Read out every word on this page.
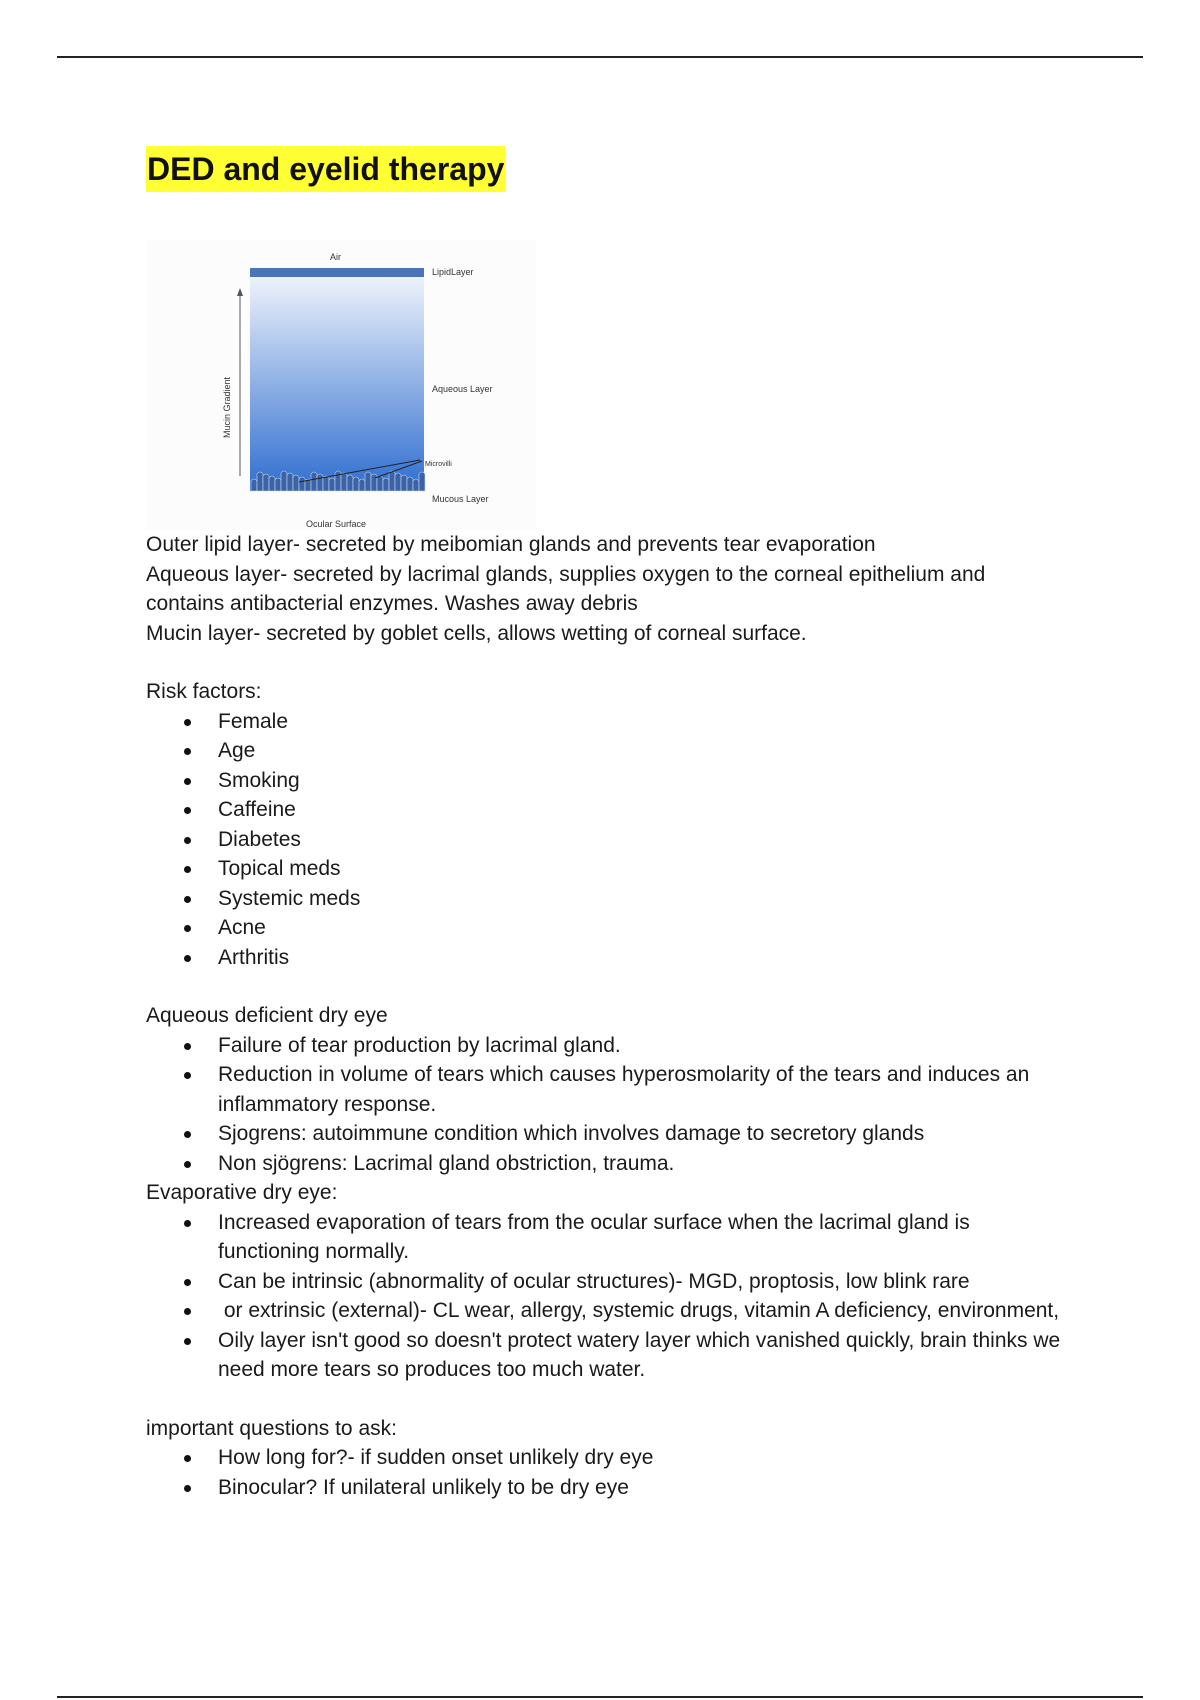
DED and eyelid therapy
Air
LipidLayer
Aqueous Layer
Microvilli
Mucous Layer
Ocular Surface
Mucin Gradient

Outer lipid layer- secreted by meibomian glands and prevents tear evaporation

Aqueous layer- secreted by lacrimal glands, supplies oxygen to the corneal epithelium and contains antibacterial enzymes. Washes away debris

Mucin layer- secreted by goblet cells, allows wetting of corneal surface.

Risk factors:

Female
Age
Smoking
Caffeine
Diabetes
Topical meds
Systemic meds
Acne
Arthritis

Aqueous deficient dry eye

Failure of tear production by lacrimal gland.
Reduction in volume of tears which causes hyperosmolarity of the tears and induces an inflammatory response.
Sjogrens: autoimmune condition which involves damage to secretory glands
Non sjögrens: Lacrimal gland obstriction, trauma.

Evaporative dry eye:

Increased evaporation of tears from the ocular surface when the lacrimal gland is functioning normally.
Can be intrinsic (abnormality of ocular structures)- MGD, proptosis, low blink rare
or extrinsic (external)- CL wear, allergy, systemic drugs, vitamin A deficiency, environment,
Oily layer isn't good so doesn't protect watery layer which vanished quickly, brain thinks we need more tears so produces too much water.

important questions to ask:

How long for?- if sudden onset unlikely dry eye
Binocular? If unilateral unlikely to be dry eye
